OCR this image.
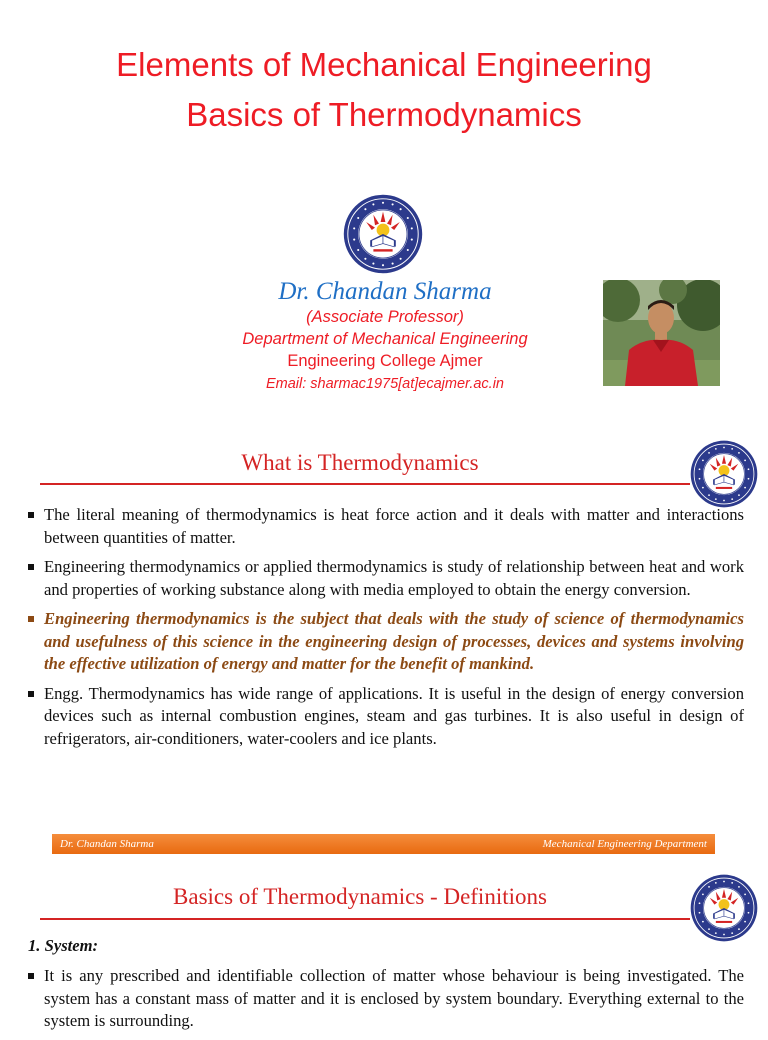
Elements of Mechanical Engineering
Basics of Thermodynamics
Dr. Chandan Sharma
(Associate Professor)
Department of Mechanical Engineering
Engineering College Ajmer
Email: sharmac1975[at]ecajmer.ac.in
What is Thermodynamics
The literal meaning of thermodynamics is heat force action and it deals with matter and interactions between quantities of matter.
Engineering thermodynamics or applied thermodynamics is study of relationship between heat and work and properties of working substance along with media employed to obtain the energy conversion.
Engineering thermodynamics is the subject that deals with the study of science of thermodynamics and usefulness of this science in the engineering design of processes, devices and systems involving the effective utilization of energy and matter for the benefit of mankind.
Engg. Thermodynamics has wide range of applications. It is useful in the design of energy conversion devices such as internal combustion engines, steam and gas turbines. It is also useful in design of refrigerators, air-conditioners, water-coolers and ice plants.
Dr. Chandan Sharma	Mechanical Engineering Department
Basics of Thermodynamics - Definitions
1. System:
It is any prescribed and identifiable collection of matter whose behaviour is being investigated. The system has a constant mass of matter and it is enclosed by system boundary. Everything external to the system is surrounding.
